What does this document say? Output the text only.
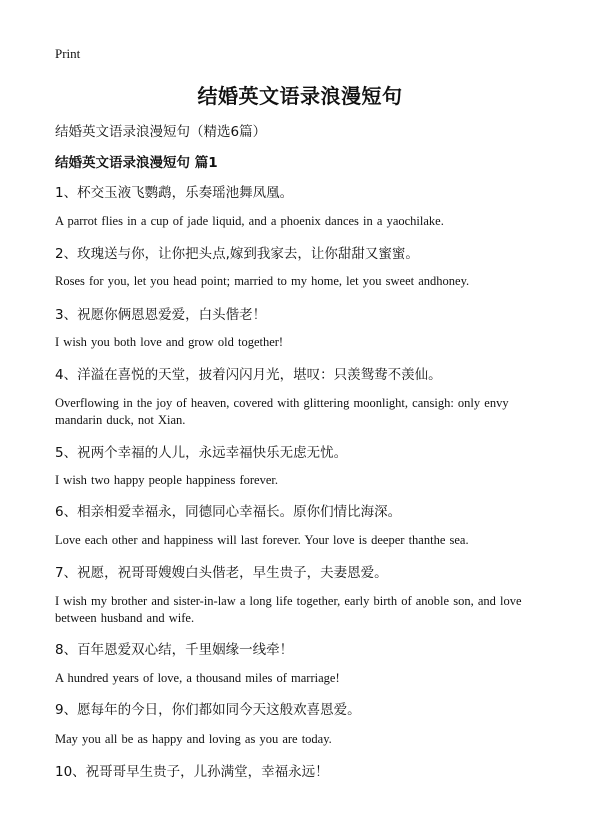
Print
结婚英文语录浪漫短句
结婚英文语录浪漫短句（精选6篇）
结婚英文语录浪漫短句 篇1
1、杯交玉液飞鹦鹉，乐奏瑶池舞凤凰。
A parrot flies in a cup of jade liquid, and a phoenix dances in a yaochilake.
2、玫瑰送与你，让你把头点,嫁到我家去，让你甜甜又蜜蜜。
Roses for you, let you head point; married to my home, let you sweet andhoney.
3、祝愿你俩恩恩爱爱，白头偕老！
I wish you both love and grow old together!
4、洋溢在喜悦的天堂，披着闪闪月光，堪叹：只羡鸳鸯不羡仙。
Overflowing in the joy of heaven, covered with glittering moonlight, cansigh: only envy mandarin duck, not Xian.
5、祝两个幸福的人儿，永远幸福快乐无虑无忧。
I wish two happy people happiness forever.
6、相亲相爱幸福永，同德同心幸福长。原你们情比海深。
Love each other and happiness will last forever. Your love is deeper thanthe sea.
7、祝愿，祝哥哥嫂嫂白头偕老，早生贵子，夫妻恩爱。
I wish my brother and sister-in-law a long life together, early birth of anoble son, and love between husband and wife.
8、百年恩爱双心结，千里姻缘一线牵！
A hundred years of love, a thousand miles of marriage!
9、愿每年的今日，你们都如同今天这般欢喜恩爱。
May you all be as happy and loving as you are today.
10、祝哥哥早生贵子，儿孙满堂，幸福永远！
